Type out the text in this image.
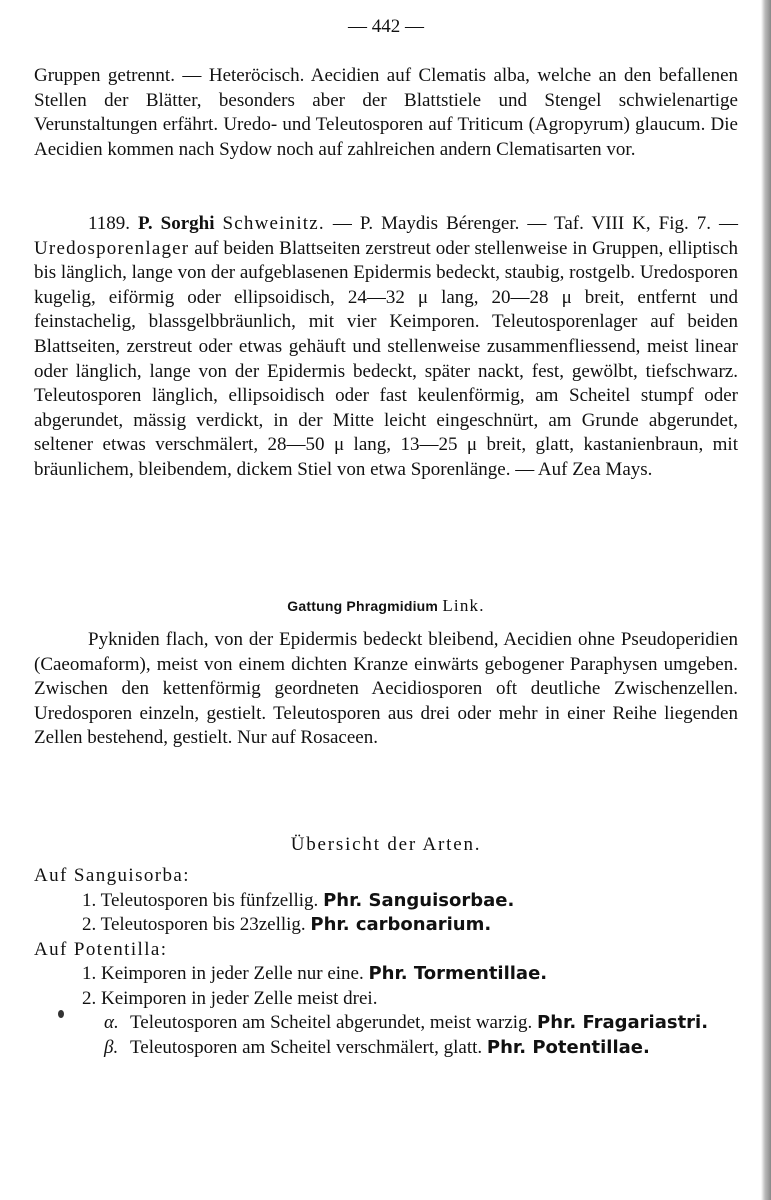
— 442 —

Gruppen getrennt. — Heteröcisch. Aecidien auf Clematis alba, welche an den befallenen Stellen der Blätter, besonders aber der Blattstiele und Stengel schwielenartige Verunstaltungen erfährt. Uredo- und Teleutosporen auf Triticum (Agropyrum) glaucum. Die Aecidien kommen nach Sydow noch auf zahlreichen andern Clematisarten vor.

1189. P. Sorghi Schweinitz. — P. Maydis Bérenger. — Taf. VIII K, Fig. 7. — Uredosporenlager auf beiden Blattseiten zerstreut oder stellenweise in Gruppen, elliptisch bis länglich, lange von der aufgeblasenen Epidermis bedeckt, staubig, rostgelb. Uredosporen kugelig, eiförmig oder ellipsoidisch, 24—32 μ lang, 20—28 μ breit, entfernt und feinstachelig, blassgelbbräunlich, mit vier Keimporen. Teleutosporenlager auf beiden Blattseiten, zerstreut oder etwas gehäuft und stellenweise zusammenfliessend, meist linear oder länglich, lange von der Epidermis bedeckt, später nackt, fest, gewölbt, tiefschwarz. Teleutosporen länglich, ellipsoidisch oder fast keulenförmig, am Scheitel stumpf oder abgerundet, mässig verdickt, in der Mitte leicht eingeschnürt, am Grunde abgerundet, seltener etwas verschmälert, 28—50 μ lang, 13—25 μ breit, glatt, kastanienbraun, mit bräunlichem, bleibendem, dickem Stiel von etwa Sporenlänge. — Auf Zea Mays.

Gattung Phragmidium Link.

Pykniden flach, von der Epidermis bedeckt bleibend, Aecidien ohne Pseudoperidien (Caeomaform), meist von einem dichten Kranze einwärts gebogener Paraphysen umgeben. Zwischen den kettenförmig geordneten Aecidiosporen oft deutliche Zwischenzellen. Uredosporen einzeln, gestielt. Teleutosporen aus drei oder mehr in einer Reihe liegenden Zellen bestehend, gestielt. Nur auf Rosaceen.

Übersicht der Arten.
Auf Sanguisorba:
1. Teleutosporen bis fünfzellig. Phr. Sanguisorbae.
2. Teleutosporen bis 23zellig. Phr. carbonarium.
Auf Potentilla:
1. Keimporen in jeder Zelle nur eine. Phr. Tormentillae.
2. Keimporen in jeder Zelle meist drei.
α. Teleutosporen am Scheitel abgerundet, meist warzig. Phr. Fragariastri.
β. Teleutosporen am Scheitel verschmälert, glatt. Phr. Potentillae.
